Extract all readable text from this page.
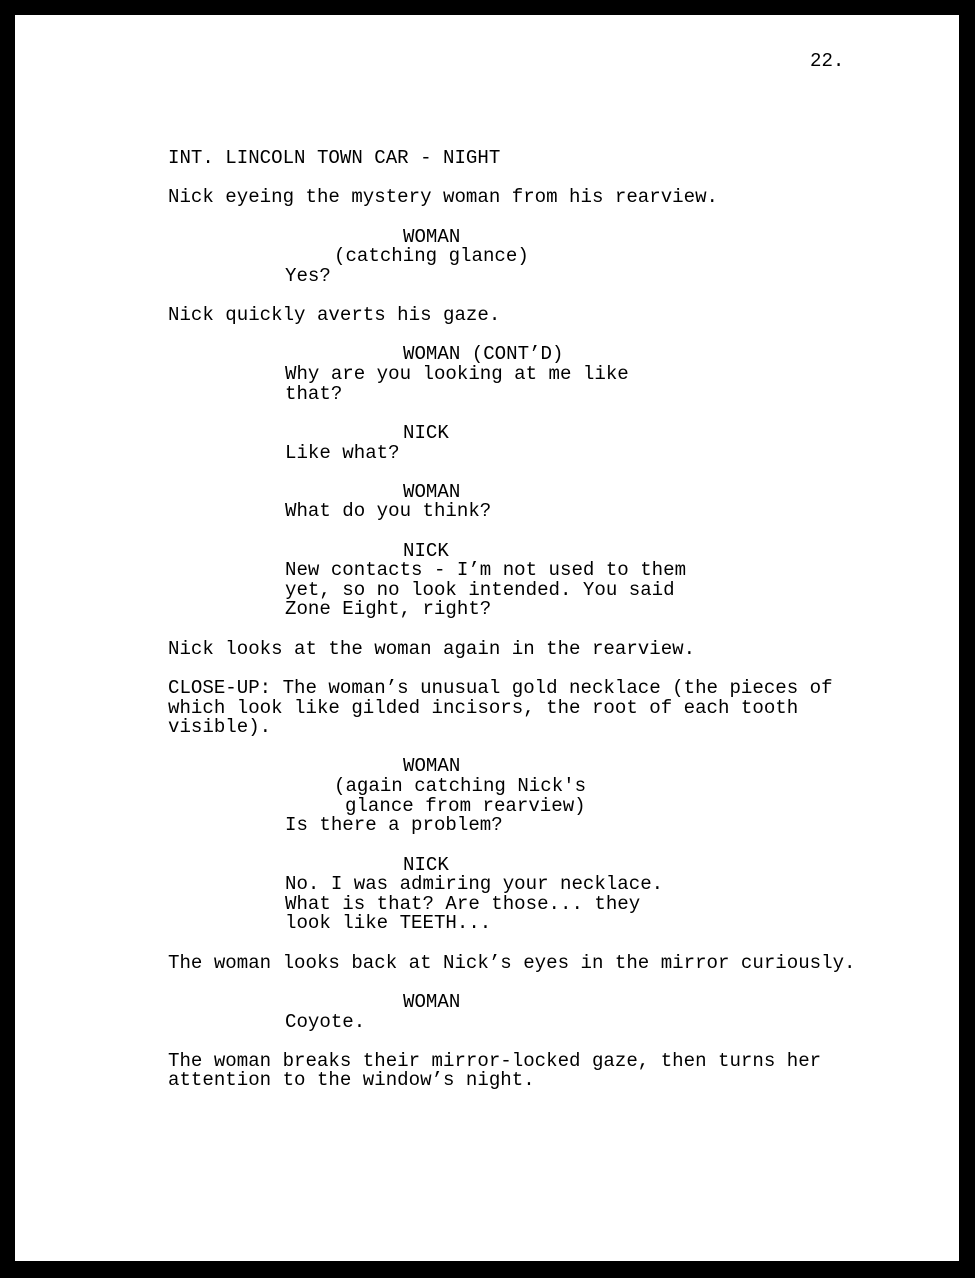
22.

INT. LINCOLN TOWN CAR - NIGHT

Nick eyeing the mystery woman from his rearview.

WOMAN

(catching glance)

Yes?

Nick quickly averts his gaze.

WOMAN (CONT’D)

Why are you looking at me like

that?

NICK

Like what?

WOMAN

What do you think?

NICK

New contacts - I’m not used to them

yet, so no look intended. You said

Zone Eight, right?

Nick looks at the woman again in the rearview.

CLOSE-UP: The woman’s unusual gold necklace (the pieces of

which look like gilded incisors, the root of each tooth

visible).

WOMAN

(again catching Nick's

glance from rearview)

Is there a problem?

NICK

No. I was admiring your necklace.

What is that? Are those... they

look like TEETH...

The woman looks back at Nick’s eyes in the mirror curiously.

WOMAN

Coyote.

The woman breaks their mirror-locked gaze, then turns her

attention to the window’s night.
